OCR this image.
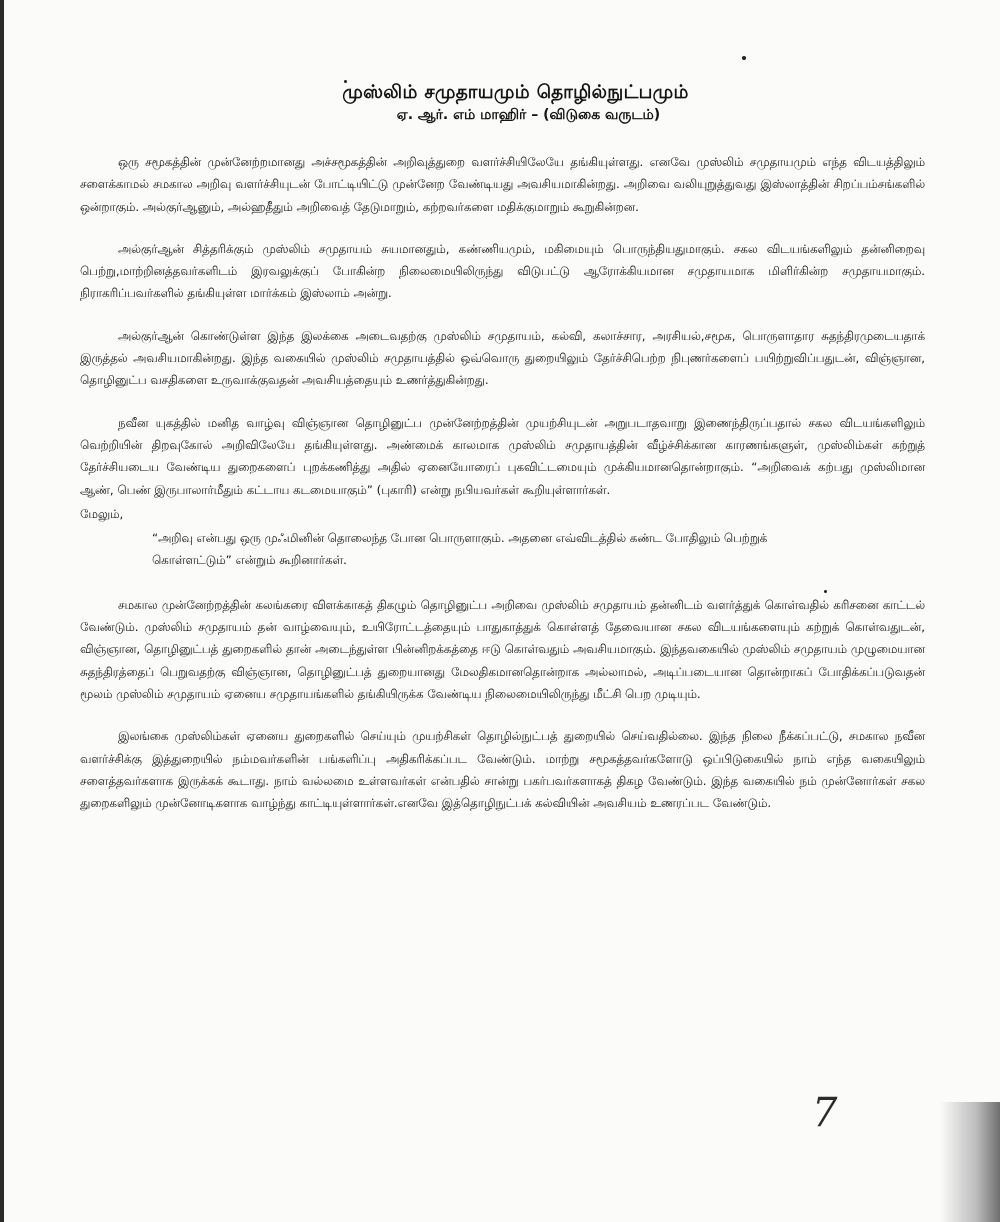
முஸ்லிம் சமுதாயமும் தொழில்நுட்பமும்
ஏ. ஆர். எம் மாஹிர் – (விடுகை வருடம்)

ஒரு சமூகத்தின் முன்னேற்றமானது அச்சமூகத்தின் அறிவுத்துறை வளர்ச்சியிலேயே தங்கியுள்ளது. எனவே முஸ்லிம் சமுதாயமும் எந்த விடயத்திலும் சளைக்காமல் சமகால அறிவு வளர்ச்சியுடன் போட்டியிட்டு முன்னேற வேண்டியது அவசியமாகின்றது. அறிவை வலியுறுத்துவது இஸ்லாத்தின் சிறப்பம்சங்களில் ஒன்றாகும். அல்குர்ஆனும், அல்ஹதீதும் அறிவைத் தேடுமாறும், கற்றவர்களை மதிக்குமாறும் கூறுகின்றன.

அல்குர்ஆன் சித்தரிக்கும் முஸ்லிம் சமுதாயம் சுயமானதும், கண்ணியமும், மகிமையும் பொருந்தியதுமாகும். சகல விடயங்களிலும் தன்னிறைவு பெற்று,மாற்றினத்தவர்களிடம் இரவலுக்குப் போகின்ற நிலைமையிலிருந்து விடுபட்டு ஆரோக்கியமான சமுதாயமாக மிளிர்கின்ற சமுதாயமாகும். நிராகரிப்பவர்களில் தங்கியுள்ள மார்க்கம் இஸ்லாம் அன்று.

அல்குர்ஆன் கொண்டுள்ள இந்த இலக்கை அடைவதற்கு முஸ்லிம் சமுதாயம், கல்வி, கலாச்சார, அரசியல்,சமூக, பொருளாதார சுதந்திரமுடையதாக் இருத்தல் அவசியமாகின்றது. இந்த வகையில் முஸ்லிம் சமுதாயத்தில் ஒவ்வொரு துறையிலும் தேர்ச்சிபெற்ற நிபுணர்களைப் பயிற்றுவிப்பதுடன், விஞ்ஞான, தொழினுட்ப வசதிகளை உருவாக்குவதன் அவசியத்தையும் உணர்த்துகின்றது.

நவீன யுகத்தில் மனித வாழ்வு விஞ்ஞான தொழினுட்ப முன்னேற்றத்தின் முயற்சியுடன் அறுபடாதவாறு இணைந்திருப்பதால் சகல விடயங்களிலும் வெற்றியின் திறவுகோல் அறிவிலேயே தங்கியுள்ளது. அண்மைக் காலமாக முஸ்லிம் சமுதாயத்தின் வீழ்ச்சிக்கான காரணங்களுள், முஸ்லிம்கள் கற்றுத் தேர்ச்சியடைய வேண்டிய துறைகளைப் புறக்கணித்து அதில் ஏனையோரைப் புகவிட்டமையும் முக்கியமானதொன்றாகும். “அறிவைக் கற்பது முஸ்லிமான ஆண், பெண் இருபாலார்மீதும் கட்டாய கடமையாகும்” (புகாரி) என்று நபியவர்கள் கூறியுள்ளார்கள்.

மேலும்,

“அறிவு என்பது ஒரு முஃமினின் தொலைந்த போன பொருளாகும். அதனை எவ்விடத்தில் கண்ட போதிலும் பெற்றுக் கொள்ளட்டும்” என்றும் கூறினார்கள்.

சமகால முன்னேற்றத்தின் கலங்கரை விளக்காகத் திகழும் தொழினுட்ப அறிவை முஸ்லிம் சமுதாயம் தன்னிடம் வளர்த்துக் கொள்வதில் கரிசனை காட்டல் வேண்டும். முஸ்லிம் சமுதாயம் தன் வாழ்வையும், உயிரோட்டத்தையும் பாதுகாத்துக் கொள்ளத் தேவையான சகல விடயங்களையும் கற்றுக் கொள்வதுடன், விஞ்ஞான, தொழினுட்பத் துறைகளில் தான் அடைந்துள்ள பின்னிறக்கத்தை ஈடு கொள்வதும் அவசியமாகும். இந்தவகையில் முஸ்லிம் சமுதாயம் முழுமையான சுதந்திரத்தைப் பெறுவதற்கு விஞ்ஞான, தொழினுட்பத் துறையானது மேலதிகமானதொன்றாக அல்லாமல், அடிப்படையான தொன்றாகப் போதிக்கப்படுவதன் மூலம் முஸ்லிம் சமுதாயம் ஏனைய சமுதாயங்களில் தங்கியிருக்க வேண்டிய நிலைமையிலிருந்து மீட்சி பெற முடியும்.

இலங்கை முஸ்லிம்கள் ஏனைய துறைகளில் செய்யும் முயற்சிகள் தொழில்நுட்பத் துறையில் செய்வதில்லை. இந்த நிலை நீக்கப்பட்டு, சமகால நவீன வளர்ச்சிக்கு இத்துறையில் நம்மவர்களின் பங்களிப்பு அதிகரிக்கப்பட வேண்டும். மாற்று சமூகத்தவர்களோடு ஒப்பிடுகையில் நாம் எந்த வகையிலும் சளைத்தவர்களாக இருக்கக் கூடாது. நாம் வல்லமை உள்ளவர்கள் என்பதில் சான்று பகர்பவர்களாகத் திகழ வேண்டும். இந்த வகையில் நம் முன்னோர்கள் சகல துறைகளிலும் முன்னோடிகளாக வாழ்ந்து காட்டியுள்ளார்கள்.எனவே இத்தொழிநுட்பக் கல்வியின் அவசியம் உணரப்பட வேண்டும்.

7
